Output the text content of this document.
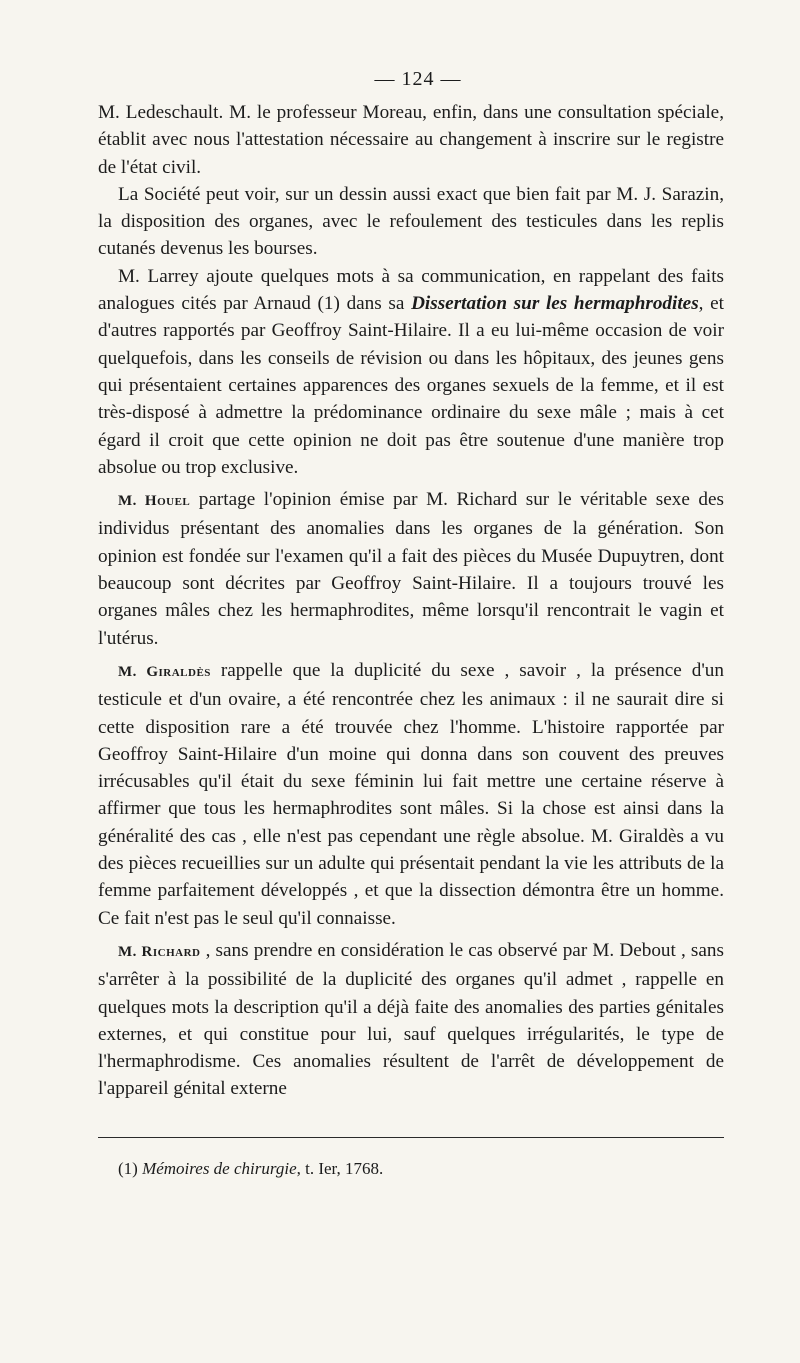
— 124 —

M. Ledeschault. M. le professeur Moreau, enfin, dans une consultation spéciale, établit avec nous l'attestation nécessaire au changement à inscrire sur le registre de l'état civil.

La Société peut voir, sur un dessin aussi exact que bien fait par M. J. Sarazin, la disposition des organes, avec le refoulement des testicules dans les replis cutanés devenus les bourses.

M. Larrey ajoute quelques mots à sa communication, en rappelant des faits analogues cités par Arnaud (1) dans sa Dissertation sur les hermaphrodites, et d'autres rapportés par Geoffroy Saint-Hilaire. Il a eu lui-même occasion de voir quelquefois, dans les conseils de révision ou dans les hôpitaux, des jeunes gens qui présentaient certaines apparences des organes sexuels de la femme, et il est très-disposé à admettre la prédominance ordinaire du sexe mâle ; mais à cet égard il croit que cette opinion ne doit pas être soutenue d'une manière trop absolue ou trop exclusive.

M. Houel partage l'opinion émise par M. Richard sur le véritable sexe des individus présentant des anomalies dans les organes de la génération. Son opinion est fondée sur l'examen qu'il a fait des pièces du Musée Dupuytren, dont beaucoup sont décrites par Geoffroy Saint-Hilaire. Il a toujours trouvé les organes mâles chez les hermaphrodites, même lorsqu'il rencontrait le vagin et l'utérus.

M. Giraldès rappelle que la duplicité du sexe , savoir , la présence d'un testicule et d'un ovaire, a été rencontrée chez les animaux : il ne saurait dire si cette disposition rare a été trouvée chez l'homme. L'histoire rapportée par Geoffroy Saint-Hilaire d'un moine qui donna dans son couvent des preuves irrécusables qu'il était du sexe féminin lui fait mettre une certaine réserve à affirmer que tous les hermaphrodites sont mâles. Si la chose est ainsi dans la généralité des cas , elle n'est pas cependant une règle absolue. M. Giraldès a vu des pièces recueillies sur un adulte qui présentait pendant la vie les attributs de la femme parfaitement développés , et que la dissection démontra être un homme. Ce fait n'est pas le seul qu'il connaisse.

M. Richard , sans prendre en considération le cas observé par M. Debout , sans s'arrêter à la possibilité de la duplicité des organes qu'il admet , rappelle en quelques mots la description qu'il a déjà faite des anomalies des parties génitales externes, et qui constitue pour lui, sauf quelques irrégularités, le type de l'hermaphrodisme. Ces anomalies résultent de l'arrêt de développement de l'appareil génital externe

(1) Mémoires de chirurgie, t. Ier, 1768.
